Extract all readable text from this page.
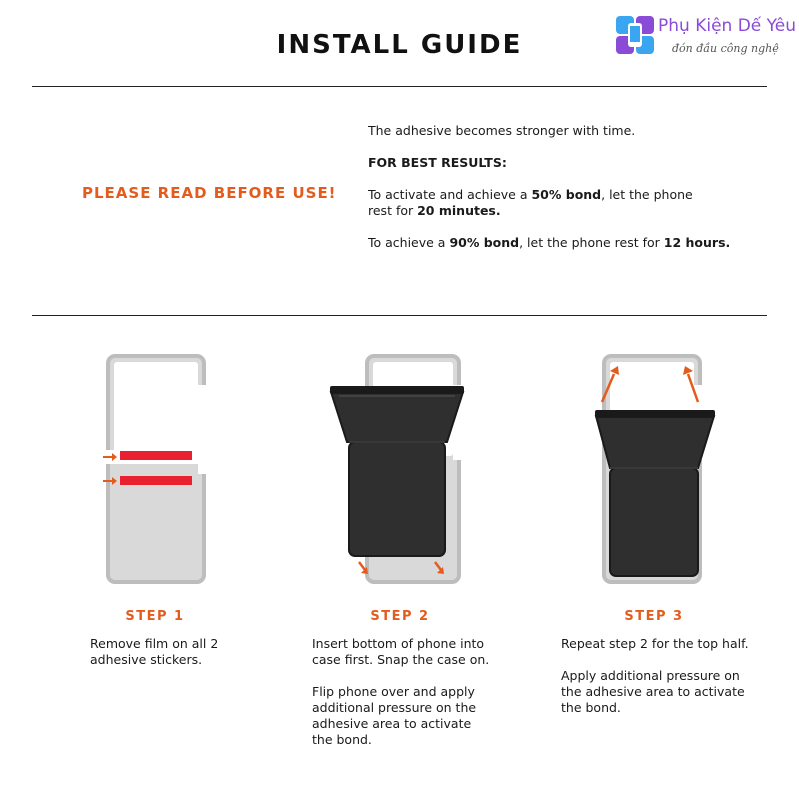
INSTALL GUIDE
Phụ Kiện Dế Yêu
đón đầu công nghệ
PLEASE READ BEFORE USE!

The adhesive becomes stronger with time.

FOR BEST RESULTS:

To activate and achieve a 50% bond, let the phone
rest for 20 minutes.

To achieve a 90% bond, let the phone rest for 12 hours.

STEP 1	STEP 2	STEP 3

Remove film on all 2
adhesive stickers.

Insert bottom of phone into
case first. Snap the case on.

Flip phone over and apply
additional pressure on the
adhesive area to activate
the bond.

Repeat step 2 for the top half.

Apply additional pressure on
the adhesive area to activate
the bond.
